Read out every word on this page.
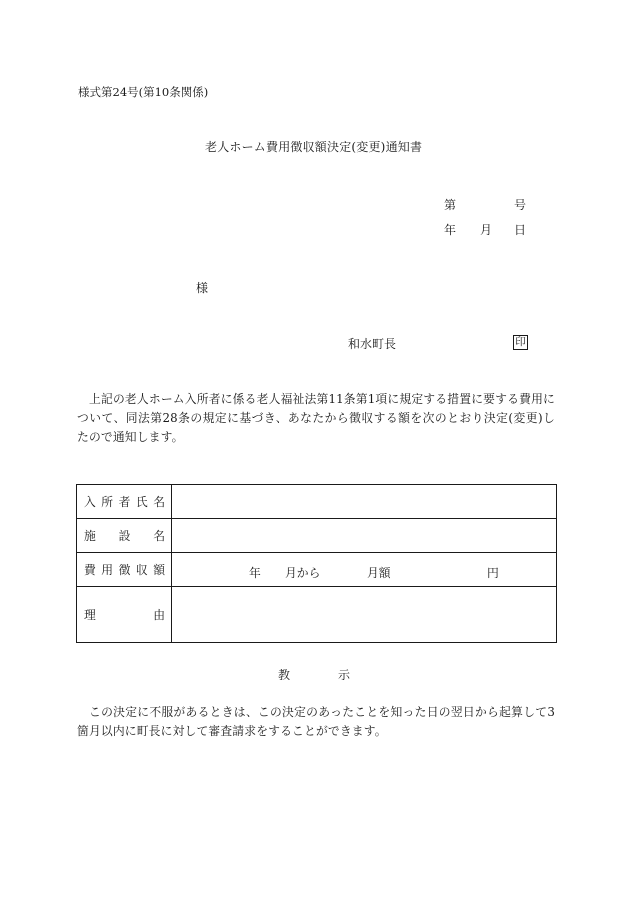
様式第24号(第10条関係)
老人ホーム費用徴収額決定(変更)通知書
第	号
年 月 日
様
和水町長	印
上記の老人ホーム入所者に係る老人福祉法第11条第1項に規定する措置に要する費用について、同法第28条の規定に基づき、あなたから徴収する額を次のとおり決定(変更)したので通知します。
入 所 者 氏 名	

施 設 名	

費 用 徴 収 額	年 月から 月額 円

理 由	

教	示
この決定に不服があるときは、この決定のあったことを知った日の翌日から起算して3箇月以内に町長に対して審査請求をすることができます。
